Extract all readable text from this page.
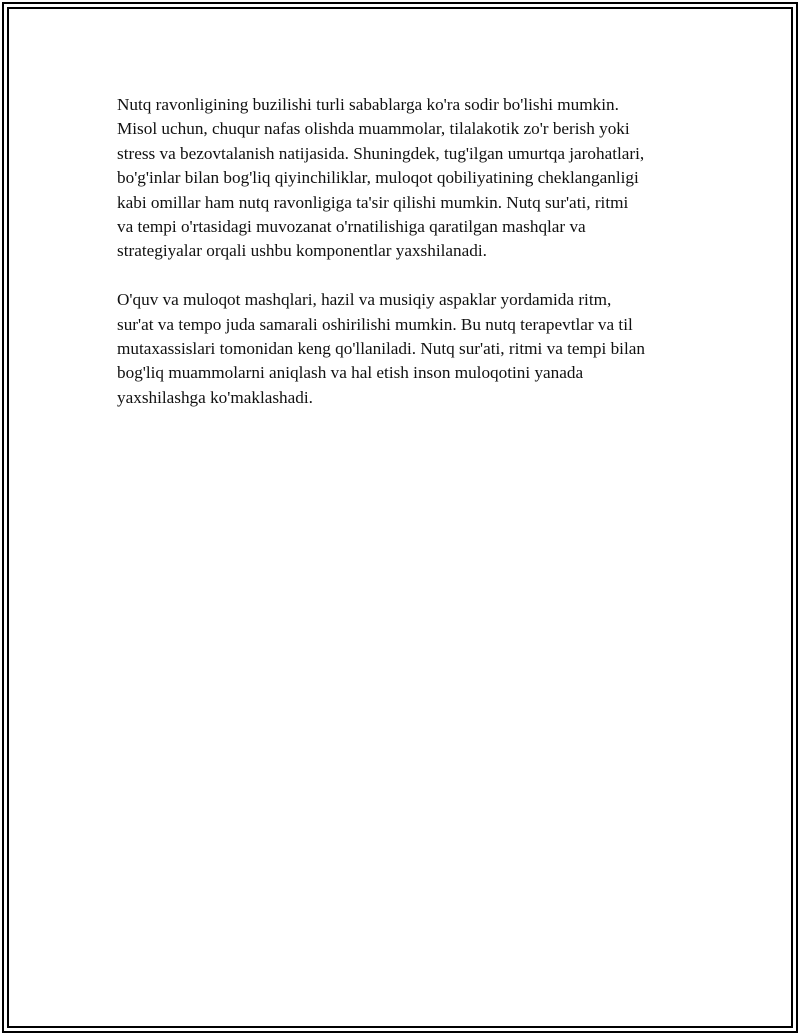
Nutq ravonligining buzilishi turli sabablarga ko'ra sodir bo'lishi mumkin.
Misol uchun, chuqur nafas olishda muammolar, tilalakotik zo'r berish yoki
stress va bezovtalanish natijasida. Shuningdek, tug'ilgan umurtqa jarohatlari,
bo'g'inlar bilan bog'liq qiyinchiliklar, muloqot qobiliyatining cheklanganligi
kabi omillar ham nutq ravonligiga ta'sir qilishi mumkin. Nutq sur'ati, ritmi
va tempi o'rtasidagi muvozanat o'rnatilishiga qaratilgan mashqlar va
strategiyalar orqali ushbu komponentlar yaxshilanadi.

O'quv va muloqot mashqlari, hazil va musiqiy aspaklar yordamida ritm,
sur'at va tempo juda samarali oshirilishi mumkin. Bu nutq terapevtlar va til
mutaxassislari tomonidan keng qo'llaniladi. Nutq sur'ati, ritmi va tempi bilan
bog'liq muammolarni aniqlash va hal etish inson muloqotini yanada
yaxshilashga ko'maklashadi.
